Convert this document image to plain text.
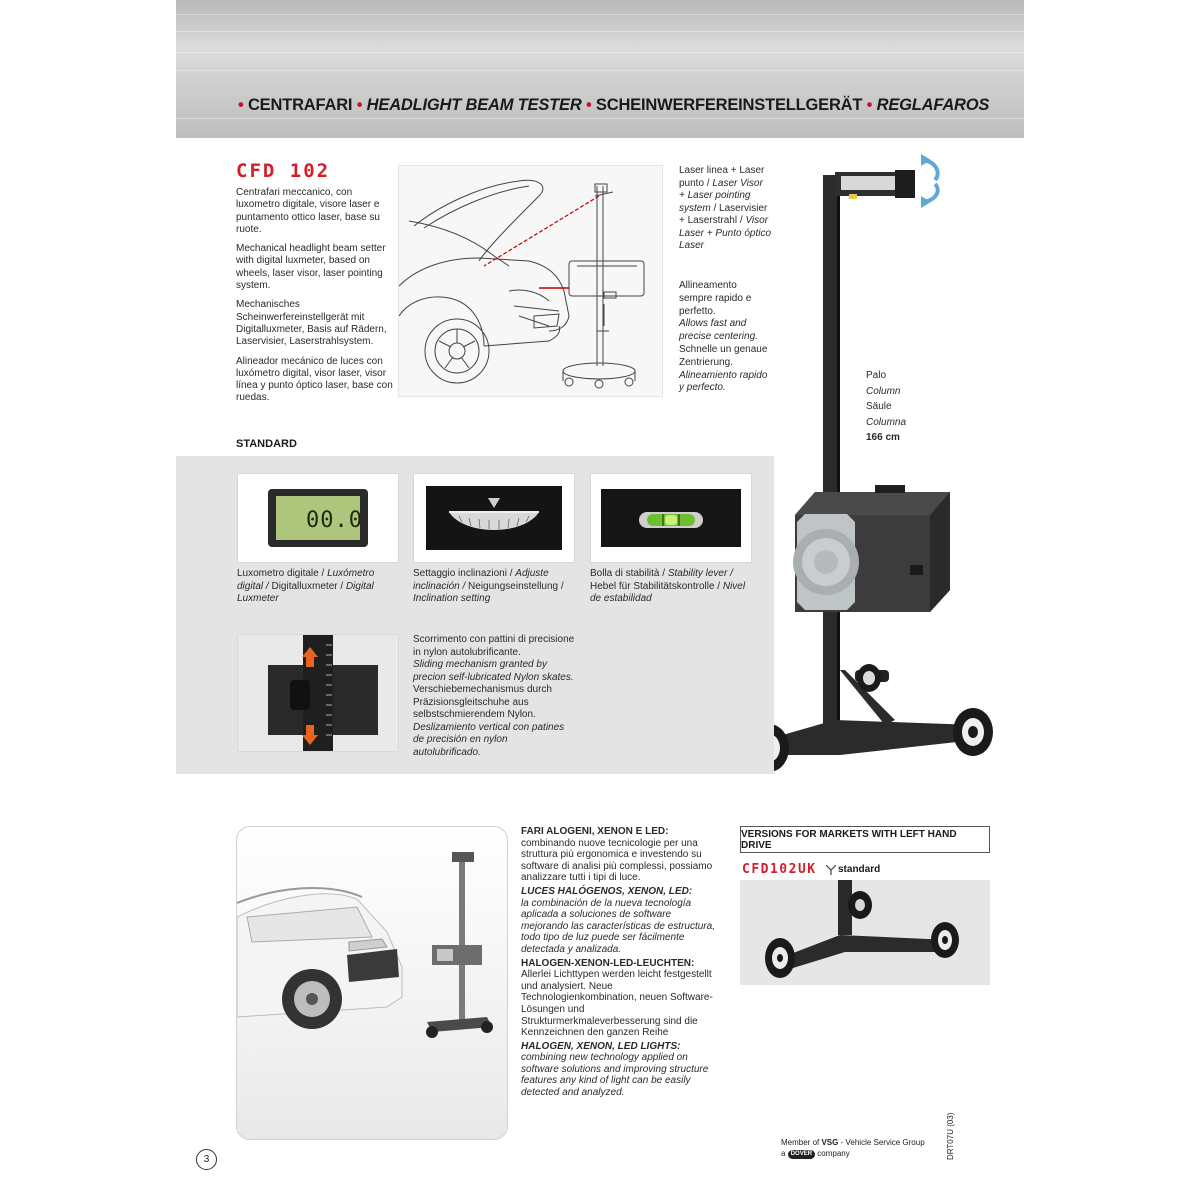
• CENTRAFARI • HEADLIGHT BEAM TESTER • SCHEINWERFEREINSTELLGERÄT • REGLAFAROS
CFD 102

Centrafari meccanico, con luxometro digitale, visore laser e puntamento ottico laser, base su ruote.

Mechanical headlight beam setter with digital luxmeter, based on wheels, laser visor, laser pointing system.

Mechanisches Scheinwerfereinstellgerät mit Digitalluxmeter, Basis auf Rädern, Laservisier, Laserstrahlsystem.

Alineador mecánico de luces con luxómetro digital, visor laser, visor línea y punto óptico laser, base con ruedas.

Laser linea + Laser punto / Laser Visor + Laser pointing system / Laservisier + Laserstrahl / Visor Laser + Punto óptico Laser
Allineamento sempre rapido e perfetto.
Allows fast and precise centering.
Schnelle un genaue Zentrierung.
Alineamiento rapido y perfecto.
Palo
Column
Säule
Columna
166 cm
STANDARD
00.0
Luxometro digitale / Luxómetro digital / Digitalluxmeter / Digital Luxmeter
Settaggio inclinazioni / Adjuste inclinación / Neigungseinstellung / Inclination setting
Bolla di stabilità / Stability lever / Hebel für Stabilitätskontrolle / Nivel de estabilidad
Scorrimento con pattini di precisione in nylon autolubrificante.
Sliding mechanism granted by precion self-lubricated Nylon skates.
Verschiebemechanismus durch Präzisionsgleitschuhe aus selbstschmierendem Nylon.
Deslizamiento vertical con patines de precisión en nylon autolubrificado.
FARI ALOGENI, XENON E LED:
combinando nuove tecnicologie per una struttura più ergonomica e investendo su software di analisi più complessi, possiamo analizzare tutti i tipi di luce.
LUCES HALÓGENOS, XENON, LED:
la combinación de la nueva tecnología aplicada a soluciones de software mejorando las características de estructura, todo tipo de luz puede ser fácilmente detectada y analizada.
HALOGEN-XENON-LED-LEUCHTEN:
Allerlei Lichttypen werden leicht festgestellt und analysiert. Neue Technologienkombination, neuen Software-Lösungen und Strukturmerkmaleverbesserung sind die Kennzeichnen den ganzen Reihe
HALOGEN, XENON, LED LIGHTS:
combining new technology applied on software solutions and improving structure features any kind of light can be easily detected and analyzed.
VERSIONS FOR MARKETS WITH LEFT HAND DRIVE
CFD102UK standard
3
Member of VSG - Vehicle Service Group
a DOVER company	DRT07U (03)
